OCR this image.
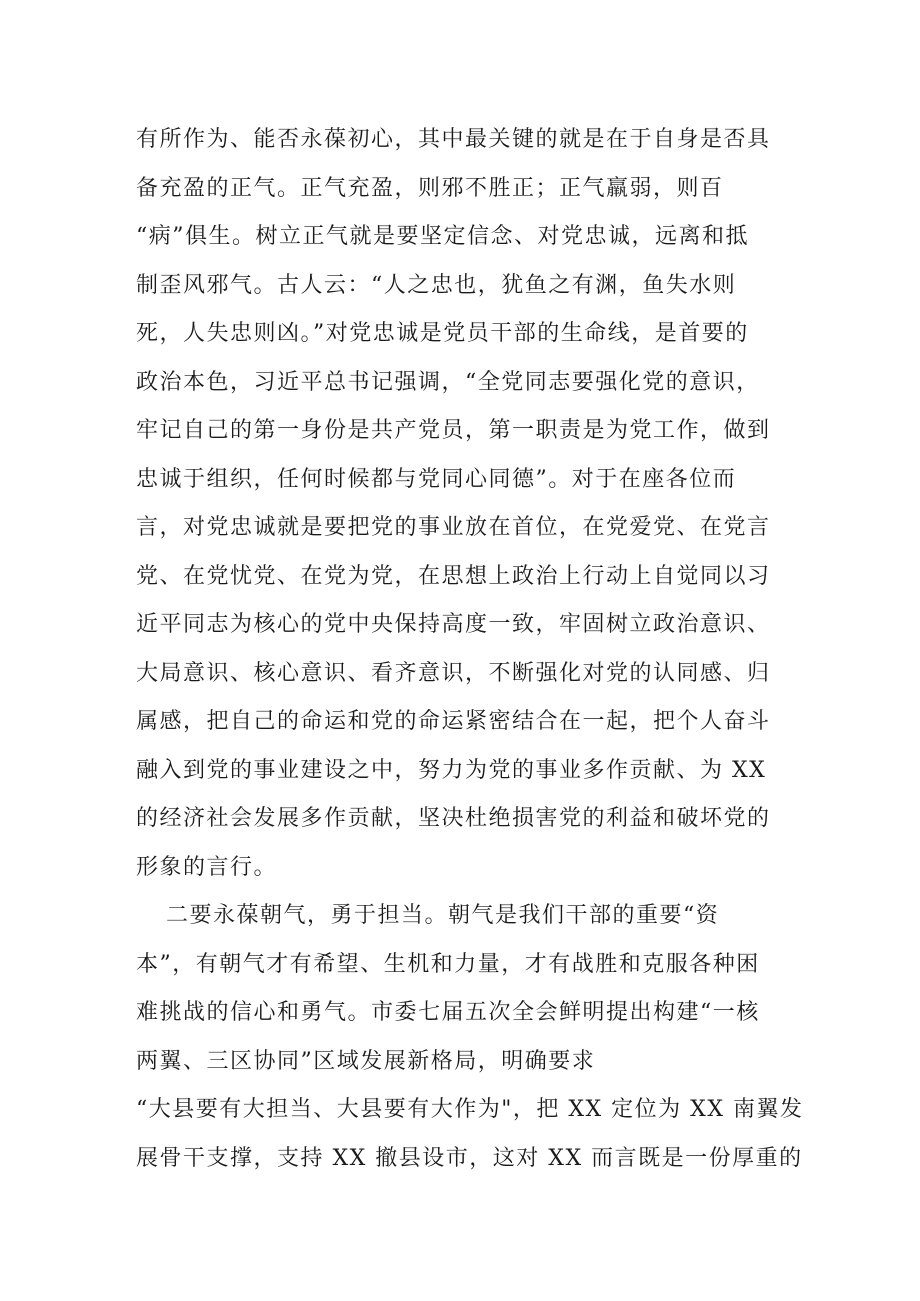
有所作为、能否永葆初心，其中最关键的就是在于自身是否具
备充盈的正气。正气充盈，则邪不胜正；正气羸弱，则百
“病”俱生。树立正气就是要坚定信念、对党忠诚，远离和抵
制歪风邪气。古人云：“人之忠也，犹鱼之有渊，鱼失水则
死，人失忠则凶。”对党忠诚是党员干部的生命线，是首要的
政治本色，习近平总书记强调，“全党同志要强化党的意识，
牢记自己的第一身份是共产党员，第一职责是为党工作，做到
忠诚于组织，任何时候都与党同心同德”。对于在座各位而
言，对党忠诚就是要把党的事业放在首位，在党爱党、在党言
党、在党忧党、在党为党，在思想上政治上行动上自觉同以习
近平同志为核心的党中央保持高度一致，牢固树立政治意识、
大局意识、核心意识、看齐意识，不断强化对党的认同感、归
属感，把自己的命运和党的命运紧密结合在一起，把个人奋斗
融入到党的事业建设之中，努力为党的事业多作贡献、为 XX
的经济社会发展多作贡献，坚决杜绝损害党的利益和破坏党的
形象的言行。
二要永葆朝气，勇于担当。朝气是我们干部的重要“资
本”，有朝气才有希望、生机和力量，才有战胜和克服各种困
难挑战的信心和勇气。市委七届五次全会鲜明提出构建“一核
两翼、三区协同”区域发展新格局，明确要求
“大县要有大担当、大县要有大作为"，把 XX 定位为 XX 南翼发
展骨干支撑，支持 XX 撤县设市，这对 XX 而言既是一份厚重的
